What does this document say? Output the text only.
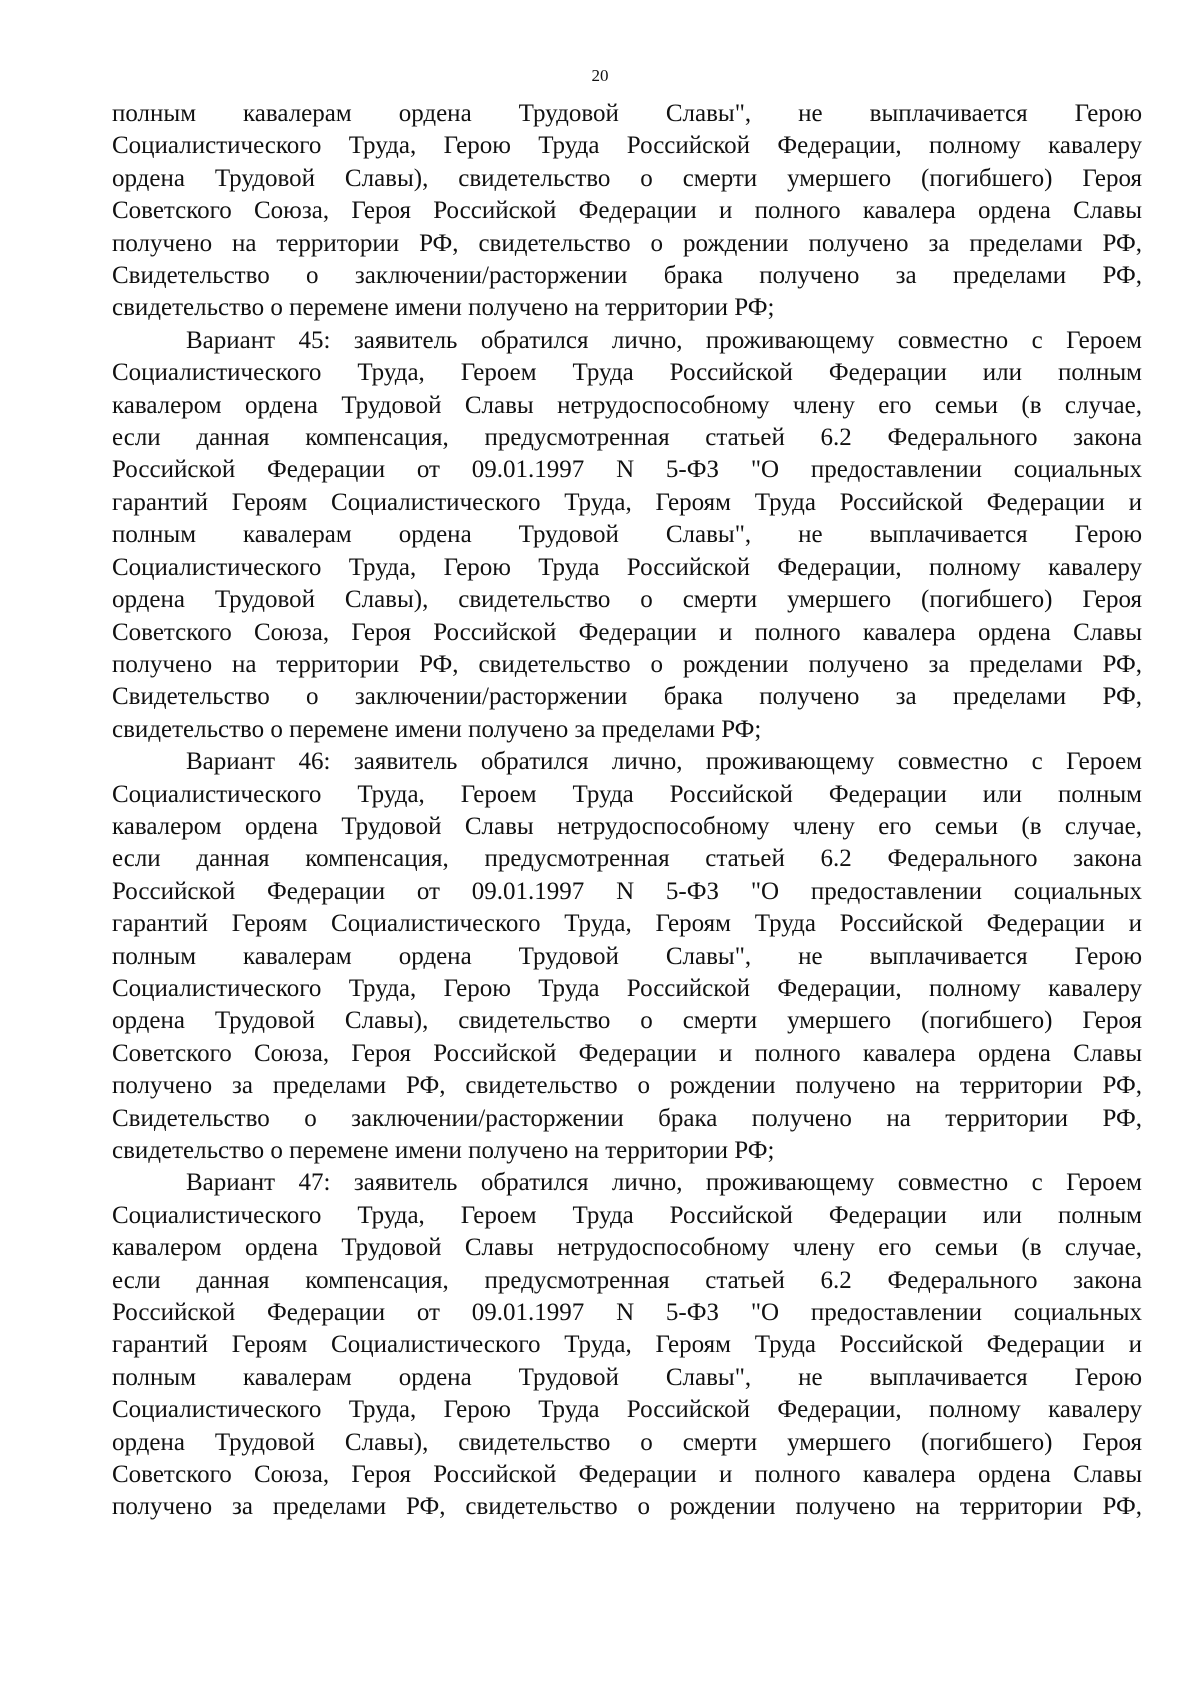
20

полным кавалерам ордена Трудовой Славы", не выплачивается Герою
Социалистического Труда, Герою Труда Российской Федерации, полному кавалеру
ордена Трудовой Славы), свидетельство о смерти умершего (погибшего) Героя
Советского Союза, Героя Российской Федерации и полного кавалера ордена Славы
получено на территории РФ, свидетельство о рождении получено за пределами РФ,
Свидетельство о заключении/расторжении брака получено за пределами РФ,
свидетельство о перемене имени получено на территории РФ;

Вариант 45: заявитель обратился лично, проживающему совместно с Героем
Социалистического Труда, Героем Труда Российской Федерации или полным
кавалером ордена Трудовой Славы нетрудоспособному члену его семьи (в случае,
если данная компенсация, предусмотренная статьей 6.2 Федерального закона
Российской Федерации от 09.01.1997 N 5-ФЗ "О предоставлении социальных
гарантий Героям Социалистического Труда, Героям Труда Российской Федерации и
полным кавалерам ордена Трудовой Славы", не выплачивается Герою
Социалистического Труда, Герою Труда Российской Федерации, полному кавалеру
ордена Трудовой Славы), свидетельство о смерти умершего (погибшего) Героя
Советского Союза, Героя Российской Федерации и полного кавалера ордена Славы
получено на территории РФ, свидетельство о рождении получено за пределами РФ,
Свидетельство о заключении/расторжении брака получено за пределами РФ,
свидетельство о перемене имени получено за пределами РФ;

Вариант 46: заявитель обратился лично, проживающему совместно с Героем
Социалистического Труда, Героем Труда Российской Федерации или полным
кавалером ордена Трудовой Славы нетрудоспособному члену его семьи (в случае,
если данная компенсация, предусмотренная статьей 6.2 Федерального закона
Российской Федерации от 09.01.1997 N 5-ФЗ "О предоставлении социальных
гарантий Героям Социалистического Труда, Героям Труда Российской Федерации и
полным кавалерам ордена Трудовой Славы", не выплачивается Герою
Социалистического Труда, Герою Труда Российской Федерации, полному кавалеру
ордена Трудовой Славы), свидетельство о смерти умершего (погибшего) Героя
Советского Союза, Героя Российской Федерации и полного кавалера ордена Славы
получено за пределами РФ, свидетельство о рождении получено на территории РФ,
Свидетельство о заключении/расторжении брака получено на территории РФ,
свидетельство о перемене имени получено на территории РФ;

Вариант 47: заявитель обратился лично, проживающему совместно с Героем
Социалистического Труда, Героем Труда Российской Федерации или полным
кавалером ордена Трудовой Славы нетрудоспособному члену его семьи (в случае,
если данная компенсация, предусмотренная статьей 6.2 Федерального закона
Российской Федерации от 09.01.1997 N 5-ФЗ "О предоставлении социальных
гарантий Героям Социалистического Труда, Героям Труда Российской Федерации и
полным кавалерам ордена Трудовой Славы", не выплачивается Герою
Социалистического Труда, Герою Труда Российской Федерации, полному кавалеру
ордена Трудовой Славы), свидетельство о смерти умершего (погибшего) Героя
Советского Союза, Героя Российской Федерации и полного кавалера ордена Славы
получено за пределами РФ, свидетельство о рождении получено на территории РФ,
